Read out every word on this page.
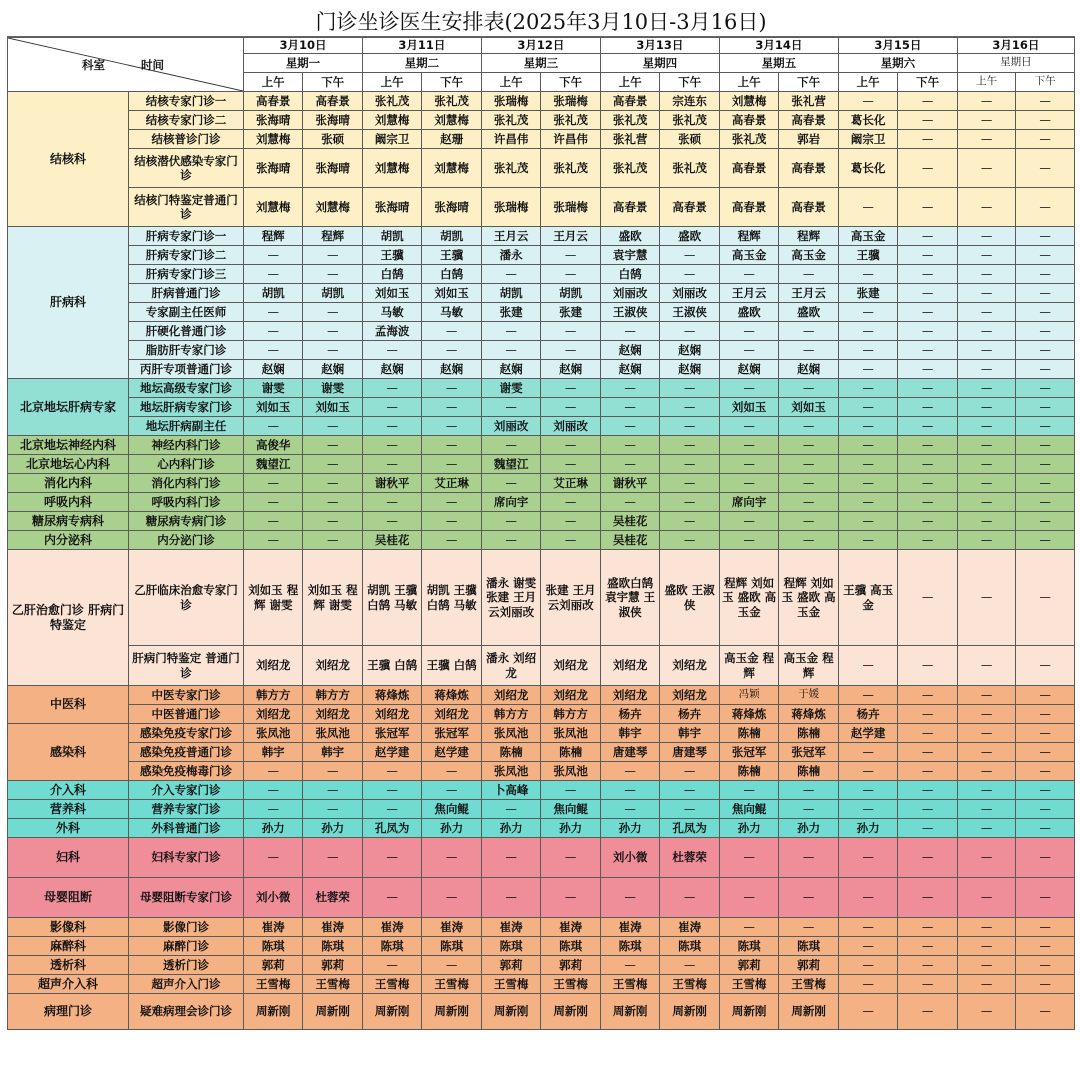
门诊坐诊医生安排表(2025年3月10日-3月16日)
科室 时间		3月10日		3月11日		3月12日		3月13日		3月14日		3月15日		3月16日	
		星期一		星期二		星期三		星期四		星期五		星期六		星期日	
		上午	下午	上午	下午	上午	下午	上午	下午	上午	下午	上午	下午	上午	下午
结核科	结核专家门诊一	高春景	高春景	张礼茂	张礼茂	张瑞梅	张瑞梅	高春景	宗连东	刘慧梅	张礼营	—	—	—	—
	结核专家门诊二	张海晴	张海晴	刘慧梅	刘慧梅	张礼茂	张礼茂	张礼茂	张礼茂	高春景	高春景	葛长化	—	—	—
	结核普诊门诊	刘慧梅	张硕	阚宗卫	赵珊	许昌伟	许昌伟	张礼营	张硕	张礼茂	郭岩	阚宗卫	—	—	—
	结核潜伏感染专家门诊	张海晴	张海晴	刘慧梅	刘慧梅	张礼茂	张礼茂	张礼茂	张礼茂	高春景	高春景	葛长化	—	—	—
	结核门特鉴定普通门诊	刘慧梅	刘慧梅	张海晴	张海晴	张瑞梅	张瑞梅	高春景	高春景	高春景	高春景	—	—	—	—
肝病科	肝病专家门诊一	程辉	程辉	胡凯	胡凯	王月云	王月云	盛欧	盛欧	程辉	程辉	高玉金	—	—	—
	肝病专家门诊二	—	—	王骥	王骥	潘永	—	袁宇慧	—	高玉金	高玉金	王骥	—	—	—
	肝病专家门诊三	—	—	白鹄	白鹄	—	—	白鹄	—	—	—	—	—	—	—
	肝病普通门诊	胡凯	胡凯	刘如玉	刘如玉	胡凯	胡凯	刘丽改	刘丽改	王月云	王月云	张建	—	—	—
	专家副主任医师	—	—	马敏	马敏	张建	张建	王淑侠	王淑侠	盛欧	盛欧	—	—	—	—
	肝硬化普通门诊	—	—	孟海波	—	—	—	—	—	—	—	—	—	—	—
	脂肪肝专家门诊	—	—	—	—	—	—	赵娴	赵娴	—	—	—	—	—	—
	丙肝专项普通门诊	赵娴	赵娴	赵娴	赵娴	赵娴	赵娴	赵娴	赵娴	赵娴	赵娴	—	—	—	—
北京地坛肝病专家	地坛高级专家门诊	谢雯	谢雯	—	—	谢雯	—	—	—	—	—	—	—	—	—
	地坛肝病专家门诊	刘如玉	刘如玉	—	—	—	—	—	—	刘如玉	刘如玉	—	—	—	—
	地坛肝病副主任	—	—	—	—	刘丽改	刘丽改	—	—	—	—	—	—	—	—
北京地坛神经内科	神经内科门诊	高俊华	—	—	—	—	—	—	—	—	—	—	—	—	—
北京地坛心内科	心内科门诊	魏望江	—	—	—	魏望江	—	—	—	—	—	—	—	—	—
消化内科	消化内科门诊	—	—	谢秋平	艾正琳	—	艾正琳	谢秋平	—	—	—	—	—	—	—
呼吸内科	呼吸内科门诊	—	—	—	—	席向宇	—	—	—	席向宇	—	—	—	—	—
糖尿病专病科	糖尿病专病门诊	—	—	—	—	—	—	吴桂花	—	—	—	—	—	—	—
内分泌科	内分泌门诊	—	—	吴桂花	—	—	—	吴桂花	—	—	—	—	—	—	—
乙肝治愈门诊 肝病门特鉴定	乙肝临床治愈专家门诊	刘如玉 程辉 谢雯	刘如玉 程辉 谢雯	胡凯 王骥 白鹄 马敏	胡凯 王骥 白鹄 马敏	潘永 谢雯 张建 王月云刘丽改	张建 王月云刘丽改	盛欧白鹄 袁宇慧 王淑侠	盛欧 王淑侠	程辉 刘如玉 盛欧 高玉金	程辉 刘如玉 盛欧 高玉金	王骥 高玉金	—	—	—
	肝病门特鉴定 普通门诊	刘绍龙	刘绍龙	王骥 白鹄	王骥 白鹄	潘永 刘绍龙	刘绍龙	刘绍龙	刘绍龙	高玉金 程辉	高玉金 程辉	—	—	—	—
中医科	中医专家门诊	韩方方	韩方方	蒋烽炼	蒋烽炼	刘绍龙	刘绍龙	刘绍龙	刘绍龙	冯颖	于媛	—	—	—	—
	中医普通门诊	刘绍龙	刘绍龙	刘绍龙	刘绍龙	韩方方	韩方方	杨卉	杨卉	蒋烽炼	蒋烽炼	杨卉	—	—	—
感染科	感染免疫专家门诊	张凤池	张凤池	张冠军	张冠军	张凤池	张凤池	韩宇	韩宇	陈楠	陈楠	赵学建	—	—	—
	感染免疫普通门诊	韩宇	韩宇	赵学建	赵学建	陈楠	陈楠	唐建琴	唐建琴	张冠军	张冠军	—	—	—	—
	感染免疫梅毒门诊	—	—	—	—	张凤池	张凤池	—	—	陈楠	陈楠	—	—	—	—
介入科	介入专家门诊	—	—	—	—	卜高峰	—	—	—	—	—	—	—	—	—
营养科	营养专家门诊	—	—	—	焦向鲲	—	焦向鲲	—	—	焦向鲲	—	—	—	—	—
外科	外科普通门诊	孙力	孙力	孔凤为	孙力	孙力	孙力	孙力	孔凤为	孙力	孙力	孙力	—	—	—
妇科	妇科专家门诊	—	—	—	—	—	—	刘小微	杜蓉荣	—	—	—	—	—	—
母婴阻断	母婴阻断专家门诊	刘小微	杜蓉荣	—	—	—	—	—	—	—	—	—	—	—	—
影像科	影像门诊	崔涛	崔涛	崔涛	崔涛	崔涛	崔涛	崔涛	崔涛	—	—	—	—	—	—
麻醉科	麻醉门诊	陈琪	陈琪	陈琪	陈琪	陈琪	陈琪	陈琪	陈琪	陈琪	陈琪	—	—	—	—
透析科	透析门诊	郭莉	郭莉	—	—	郭莉	郭莉	—	—	郭莉	郭莉	—	—	—	—
超声介入科	超声介入门诊	王雪梅	王雪梅	王雪梅	王雪梅	王雪梅	王雪梅	王雪梅	王雪梅	王雪梅	王雪梅	—	—	—	—
病理门诊	疑难病理会诊门诊	周新刚	周新刚	周新刚	周新刚	周新刚	周新刚	周新刚	周新刚	周新刚	周新刚	—	—	—	—
